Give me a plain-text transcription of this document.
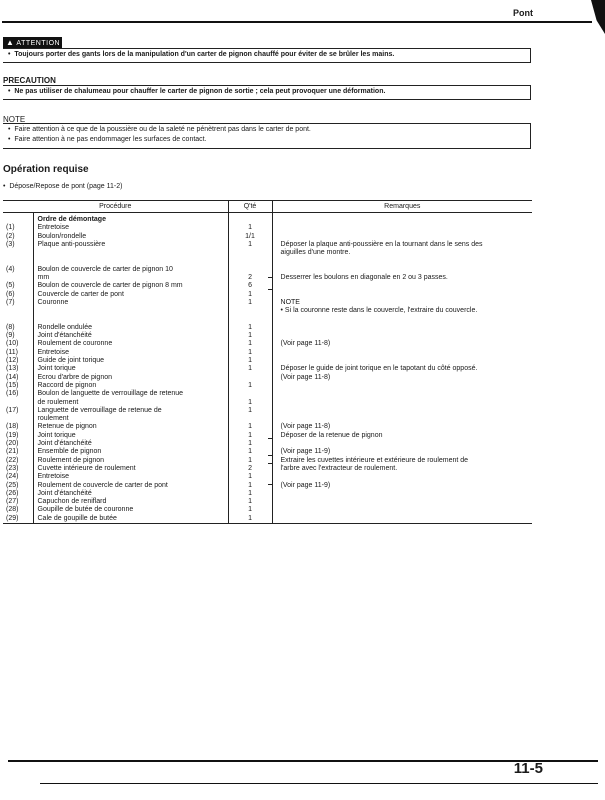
Pont
▲ ATTENTION
•  Toujours porter des gants lors de la manipulation d'un carter de pignon chauffé pour éviter de se brûler les mains.
PRECAUTION
•  Ne pas utiliser de chalumeau pour chauffer le carter de pignon de sortie ; cela peut provoquer une déformation.
NOTE
•  Faire attention à ce que de la poussière ou de la saleté ne pénètrent pas dans le carter de pont.
•  Faire attention à ne pas endommager les surfaces de contact.
Opération requise
•  Dépose/Repose de pont (page 11-2)
Procédure		Q'té	Remarques
	Ordre de démontage		
(1)	Entretoise	1	
(2)	Boulon/rondelle	1/1	
(3)	Plaque anti-poussière	1	Déposer la plaque anti-poussière en la tournant dans le sens des
			aiguilles d'une montre.

(4)	Boulon de couvercle de carter de pignon 10		
	mm	2	Desserrer les boulons en diagonale en 2 ou 3 passes.
(5)	Boulon de couvercle de carter de pignon 8 mm	6	
(6)	Couvercle de carter de pont	1	
(7)	Couronne	1	NOTE
			• Si la couronne reste dans le couvercle, l'extraire du couvercle.

(8)	Rondelle ondulée	1	
(9)	Joint d'étanchéité	1	
(10)	Roulement de couronne	1	(Voir page 11-8)
(11)	Entretoise	1	
(12)	Guide de joint torique	1	
(13)	Joint torique	1	Déposer le guide de joint torique en le tapotant du côté opposé.
(14)	Ecrou d'arbre de pignon		(Voir page 11-8)
(15)	Raccord de pignon	1	
(16)	Boulon de languette de verrouillage de retenue		
	de roulement	1	
(17)	Languette de verrouillage de retenue de	1	
	roulement		
(18)	Retenue de pignon	1	(Voir page 11-8)
(19)	Joint torique	1	Déposer de la retenue de pignon
(20)	Joint d'étanchéité	1	
(21)	Ensemble de pignon	1	(Voir page 11-9)
(22)	Roulement de pignon	1	Extraire les cuvettes intérieure et extérieure de roulement de
(23)	Cuvette intérieure de roulement	2	l'arbre avec l'extracteur de roulement.
(24)	Entretoise	1	
(25)	Roulement de couvercle de carter de pont	1	(Voir page 11-9)
(26)	Joint d'étanchéité	1	
(27)	Capuchon de reniflard	1	
(28)	Goupille de butée de couronne	1	
(29)	Cale de goupille de butée	1	
11-5
